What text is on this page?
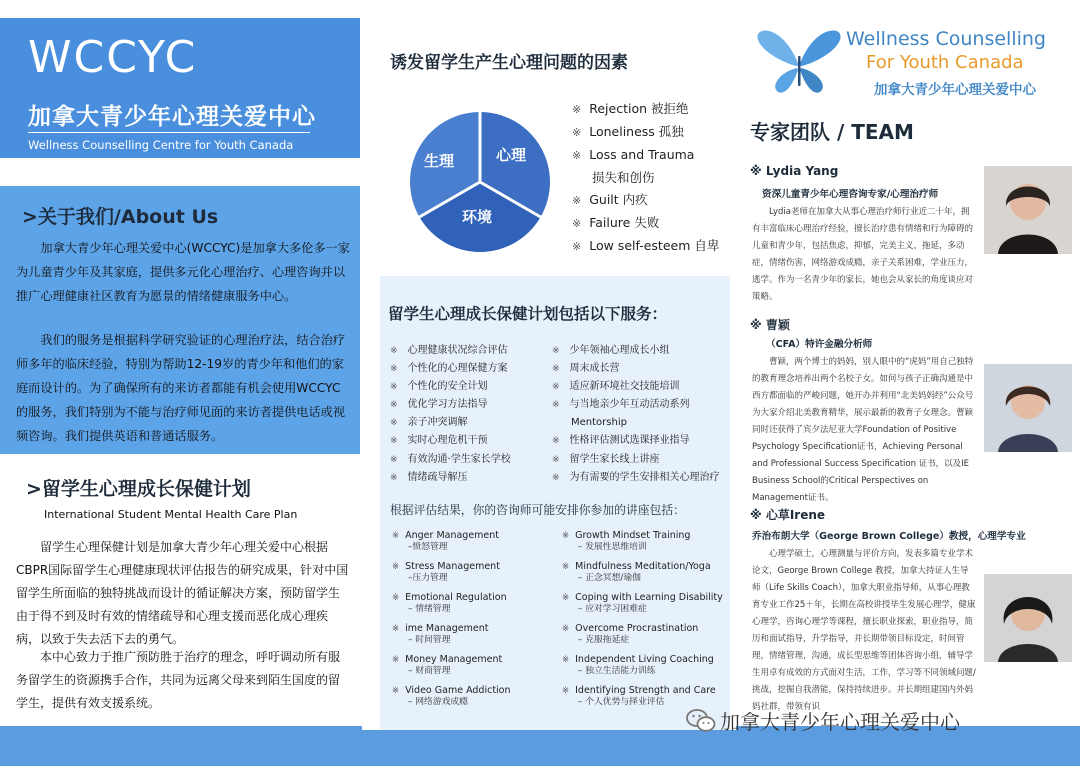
WCCYC
加拿大青少年心理关爱中心
Wellness Counselling Centre for Youth Canada
>关于我们/About Us
加拿大青少年心理关爱中心(WCCYC)是加拿大多伦多一家为儿童青少年及其家庭，提供多元化心理治疗、心理咨询并以推广心理健康社区教育为愿景的情绪健康服务中心。
我们的服务是根据科学研究验证的心理治疗法，结合治疗师多年的临床经验，特别为帮助12-19岁的青少年和他们的家庭而设计的。为了确保所有的来访者都能有机会使用WCCYC的服务，我们特别为不能与治疗师见面的来访者提供电话或视频咨询。我们提供英语和普通话服务。
>留学生心理成长保健计划
International Student Mental Health Care Plan
留学生心理保健计划是加拿大青少年心理关爱中心根据CBPR国际留学生心理健康现状评估报告的研究成果，针对中国留学生所面临的独特挑战而设计的循证解决方案，预防留学生由于得不到及时有效的情绪疏导和心理支援而恶化成心理疾病，以致于失去活下去的勇气。
本中心致力于推广预防胜于治疗的理念，呼吁调动所有服务留学生的资源携手合作，共同为远离父母来到陌生国度的留学生，提供有效支援系统。
诱发留学生产生心理问题的因素
生理	心理
环境
※ Rejection 被拒绝
※ Loneliness 孤独
※ Loss and Trauma
损失和创伤
※ Guilt 内疚
※ Failure 失败
※ Low self-esteem 自卑
留学生心理成长保健计划包括以下服务：
※ 心理健康状况综合评估
※ 个性化的心理保健方案
※ 个性化的安全计划
※ 优化学习方法指导
※ 亲子冲突调解
※ 实时心理危机干预
※ 有效沟通·学生家长学校
※ 情绪疏导解压
※ 少年领袖心理成长小组
※ 周末成长营
※ 适应新环境社交技能培训
※ 与当地亲少年互动活动系列
Mentorship
※ 性格评估测试选课择业指导
※ 留学生家长线上讲座
※ 为有需要的学生安排相关心理治疗
根据评估结果，你的咨询师可能安排你参加的讲座包括：
※ Anger Management
–愤怒管理
※ Stress Management
–压力管理
※ Emotional Regulation
– 情绪管理
※ ime Management
– 时间管理
※ Money Management
– 财商管理
※ Video Game Addiction
– 网络游戏成瘾
※ Growth Mindset Training
– 发展性思维培训
※ Mindfulness Meditation/Yoga
– 正念冥想/瑜伽
※ Coping with Learning Disability
– 应对学习困难症
※ Overcome Procrastination
– 克服拖延症
※ Independent Living Coaching
– 独立生活能力训练
※ Identifying Strength and Care
– 个人优势与择业评估
Wellness Counselling
For Youth Canada
加拿大青少年心理关爱中心
专家团队 / TEAM
※ Lydia Yang
资深儿童青少年心理咨询专家/心理治疗师
Lydia老师在加拿大从事心理治疗师行业近二十年，拥有丰富临床心理治疗经验，擅长治疗患有情绪和行为障碍的儿童和青少年，包括焦虑，抑郁，完美主义，拖延，多动症，情绪伤害，网络游戏成瘾，亲子关系困难，学业压力，逃学。作为一名青少年的家长，她也会从家长的角度谈应对策略。
※ 曹颖
（CFA）特许金融分析师
曹颖，两个博士的妈妈，别人眼中的“虎妈”用自己独特的教育理念培养出两个名校子女。如何与孩子正确沟通是中西方都面临的严峻问题，她开办并利用“北美妈妈经”公众号为大家介绍北美教育精华，展示最新的教育子女理念。曹颖同时还获得了宾夕法尼亚大学Foundation of Positive Psychology Specification证书，Achieving Personal and Professional Success Specification 证书，以及IE Business School的Critical Perspectives on Management证书。
※ 心草Irene
乔治布朗大学（George Brown College）教授，心理学专业
心理学硕士，心理测量与评价方向，发表多篇专业学术论文，George Brown College 教授，加拿大持证人生导师（Life Skills Coach），加拿大职业指导师，从事心理教育专业工作25＋年，长期在高校讲授毕生发展心理学，健康心理学，咨询心理学等课程，擅长职业探索，职业指导，简历和面试指导，升学指导，并长期带领目标设定，时间管理，情绪管理，沟通，成长型思维等团体咨询小组，辅导学生用卓有成效的方式面对生活，工作，学习等不同领域问题/挑战，挖掘自我潜能，保持持续进步。并长期组建国内外妈妈社群，带领有识
加拿大青少年心理关爱中心
